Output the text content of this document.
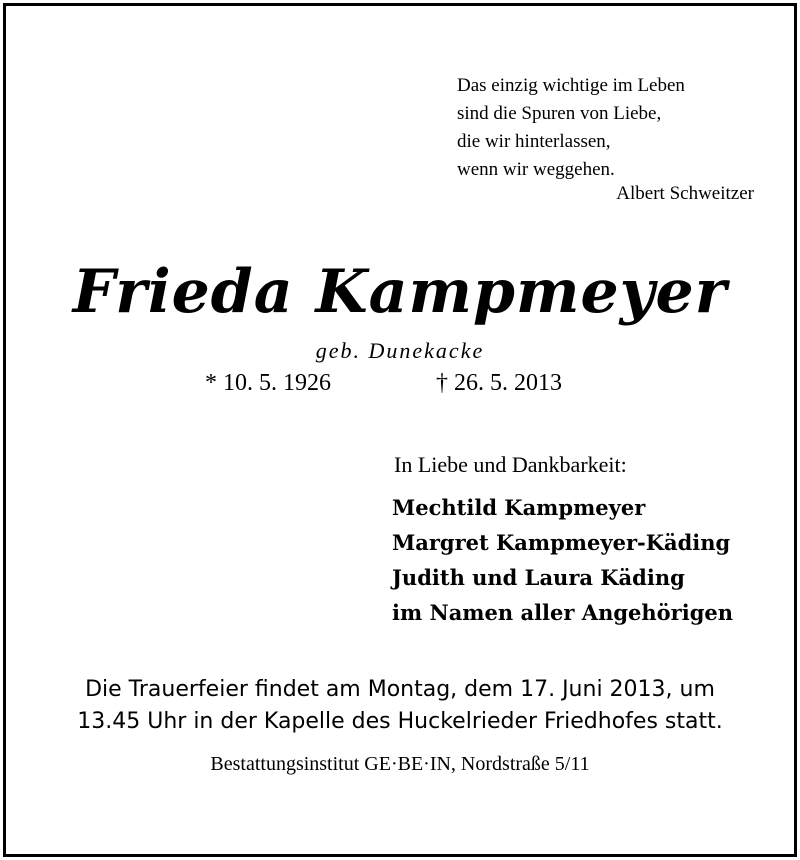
Das einzig wichtige im Leben
sind die Spuren von Liebe,
die wir hinterlassen,
wenn wir weggehen.
Albert Schweitzer
Frieda Kampmeyer
geb. Dunekacke
* 10. 5. 1926	† 26. 5. 2013
In Liebe und Dankbarkeit:
Mechtild Kampmeyer
Margret Kampmeyer-Käding
Judith und Laura Käding
im Namen aller Angehörigen
Die Trauerfeier findet am Montag, dem 17. Juni 2013, um
13.45 Uhr in der Kapelle des Huckelrieder Friedhofes statt.
Bestattungsinstitut GE·BE·IN, Nordstraße 5/11
